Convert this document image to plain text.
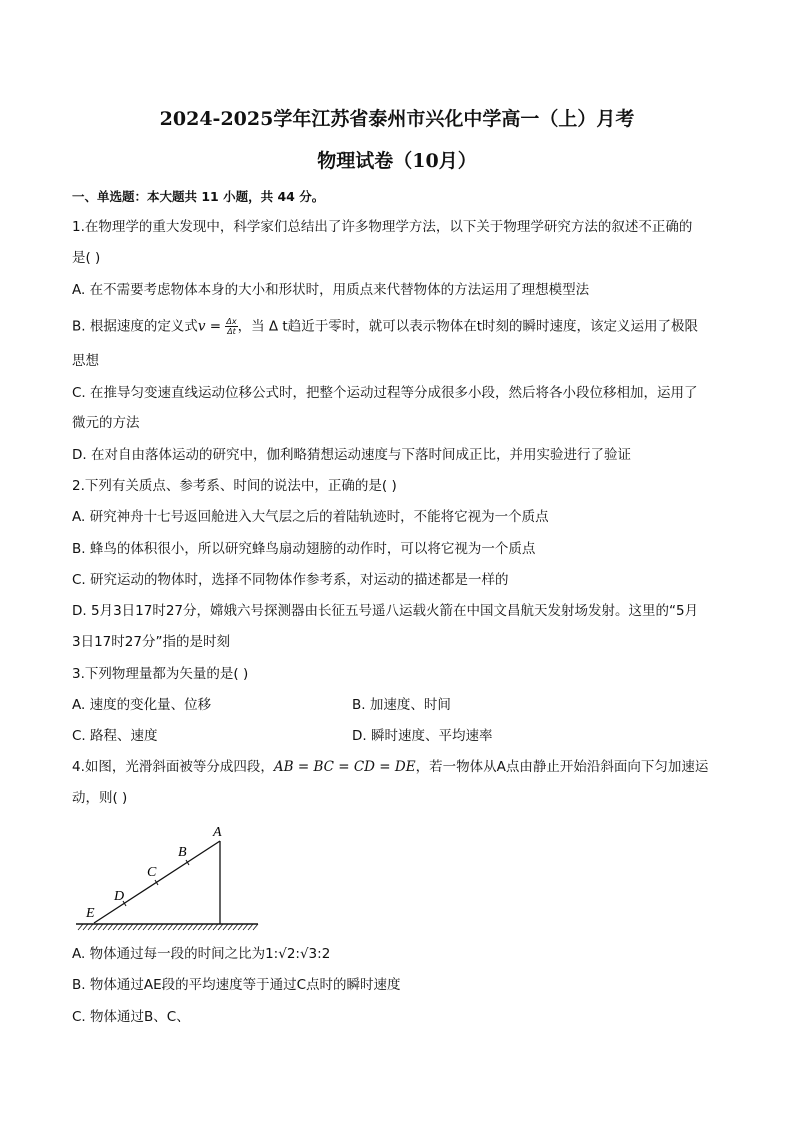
2024-2025学年江苏省泰州市兴化中学高一（上）月考
物理试卷（10月）
一、单选题：本大题共 11 小题，共 44 分。
1.在物理学的重大发现中，科学家们总结出了许多物理学方法，以下关于物理学研究方法的叙述不正确的
是( )
A. 在不需要考虑物体本身的大小和形状时，用质点来代替物体的方法运用了理想模型法
B. 根据速度的定义式$v = \frac{\Delta x}{\Delta t}$ ，当 Δ t趋近于零时，就可以表示物体在t时刻的瞬时速度，该定义运用了极限
思想
C. 在推导匀变速直线运动位移公式时，把整个运动过程等分成很多小段，然后将各小段位移相加，运用了
微元的方法
D. 在对自由落体运动的研究中，伽利略猜想运动速度与下落时间成正比，并用实验进行了验证
2.下列有关质点、参考系、时间的说法中，正确的是( )
A. 研究神舟十七号返回舱进入大气层之后的着陆轨迹时，不能将它视为一个质点
B. 蜂鸟的体积很小，所以研究蜂鸟扇动翅膀的动作时，可以将它视为一个质点
C. 研究运动的物体时，选择不同物体作参考系，对运动的描述都是一样的
D. 5月3日17时27分，嫦娥六号探测器由长征五号遥八运载火箭在中国文昌航天发射场发射。这里的“5月
3日17时27分”指的是时刻
3.下列物理量都为矢量的是( )
A. 速度的变化量、位移	B. 加速度、时间
C. 路程、速度	D. 瞬时速度、平均速率
4.如图，光滑斜面被等分成四段，AB = BC = CD = DE，若一物体从A点由静止开始沿斜面向下匀加速运
动，则( )
A
B
C
D
E
A. 物体通过每一段的时间之比为1:√2:√3:2
B. 物体通过AE段的平均速度等于通过C点时的瞬时速度
C. 物体通过B、C、
